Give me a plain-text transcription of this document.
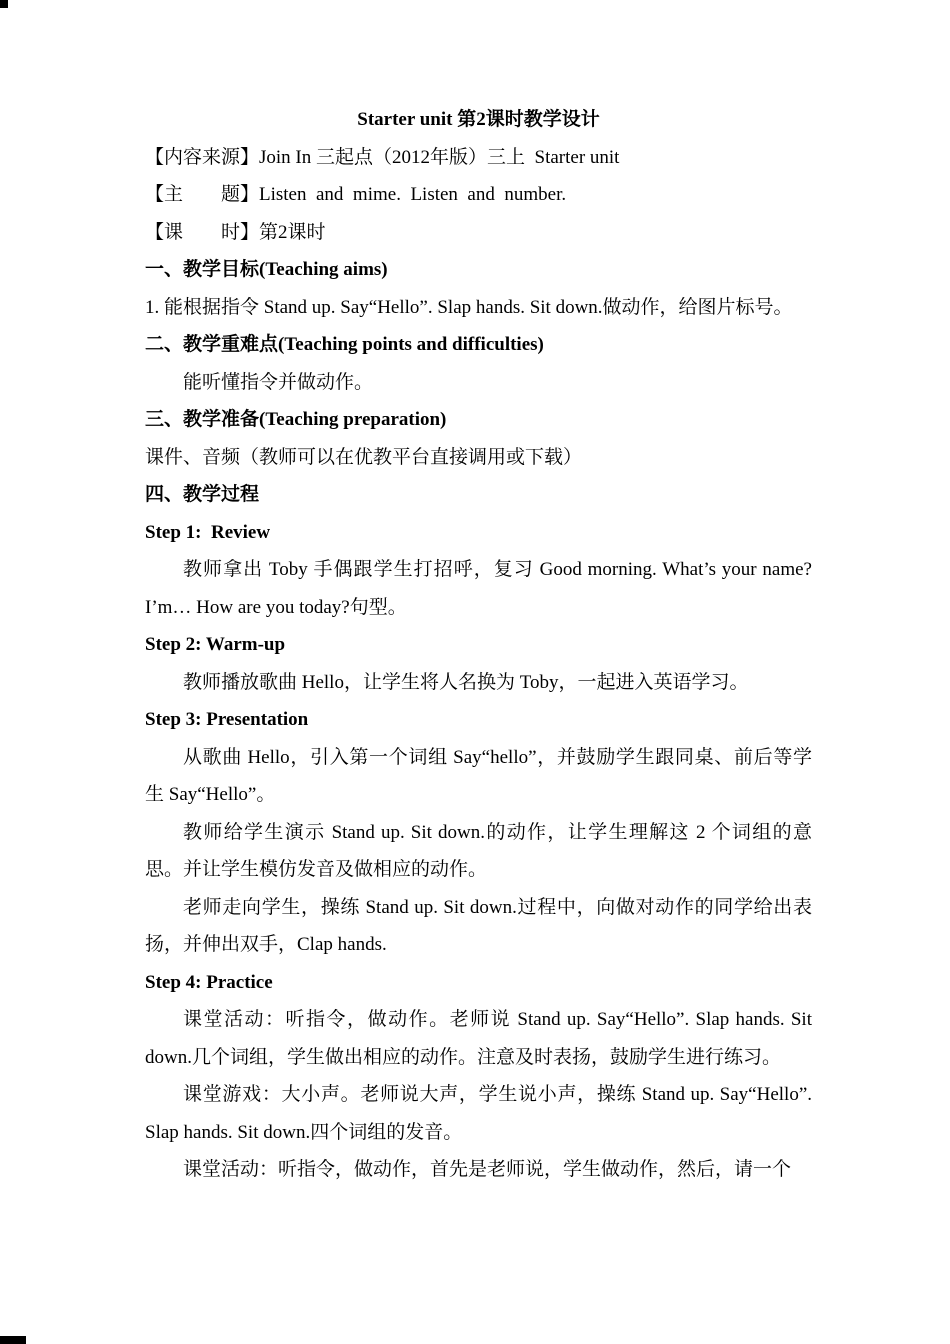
Starter unit 第2课时教学设计

【内容来源】Join In 三起点（2012年版）三上  Starter unit

【主　　题】Listen  and  mime.  Listen  and  number.

【课　　时】第2课时

一、教学目标(Teaching aims)

1. 能根据指令 Stand up. Say“Hello”. Slap hands. Sit down.做动作，给图片标号。

二、教学重难点(Teaching points and difficulties)

能听懂指令并做动作。

三、教学准备(Teaching preparation)

课件、音频（教师可以在优教平台直接调用或下载）

四、教学过程

Step 1:  Review

教师拿出 Toby 手偶跟学生打招呼，复习 Good morning. What’s your name? I’m… How are you today?句型。

Step 2: Warm-up

教师播放歌曲 Hello，让学生将人名换为 Toby，一起进入英语学习。

Step 3: Presentation

从歌曲 Hello，引入第一个词组 Say“hello”，并鼓励学生跟同桌、前后等学生 Say“Hello”。

教师给学生演示 Stand up. Sit down.的动作，让学生理解这 2 个词组的意思。并让学生模仿发音及做相应的动作。

老师走向学生，操练 Stand up. Sit down.过程中，向做对动作的同学给出表扬，并伸出双手，Clap hands.

Step 4: Practice

课堂活动：听指令，做动作。老师说 Stand up. Say“Hello”. Slap hands. Sit down.几个词组，学生做出相应的动作。注意及时表扬，鼓励学生进行练习。

课堂游戏：大小声。老师说大声，学生说小声，操练 Stand up. Say“Hello”. Slap hands. Sit down.四个词组的发音。

课堂活动：听指令，做动作，首先是老师说，学生做动作，然后，请一个
